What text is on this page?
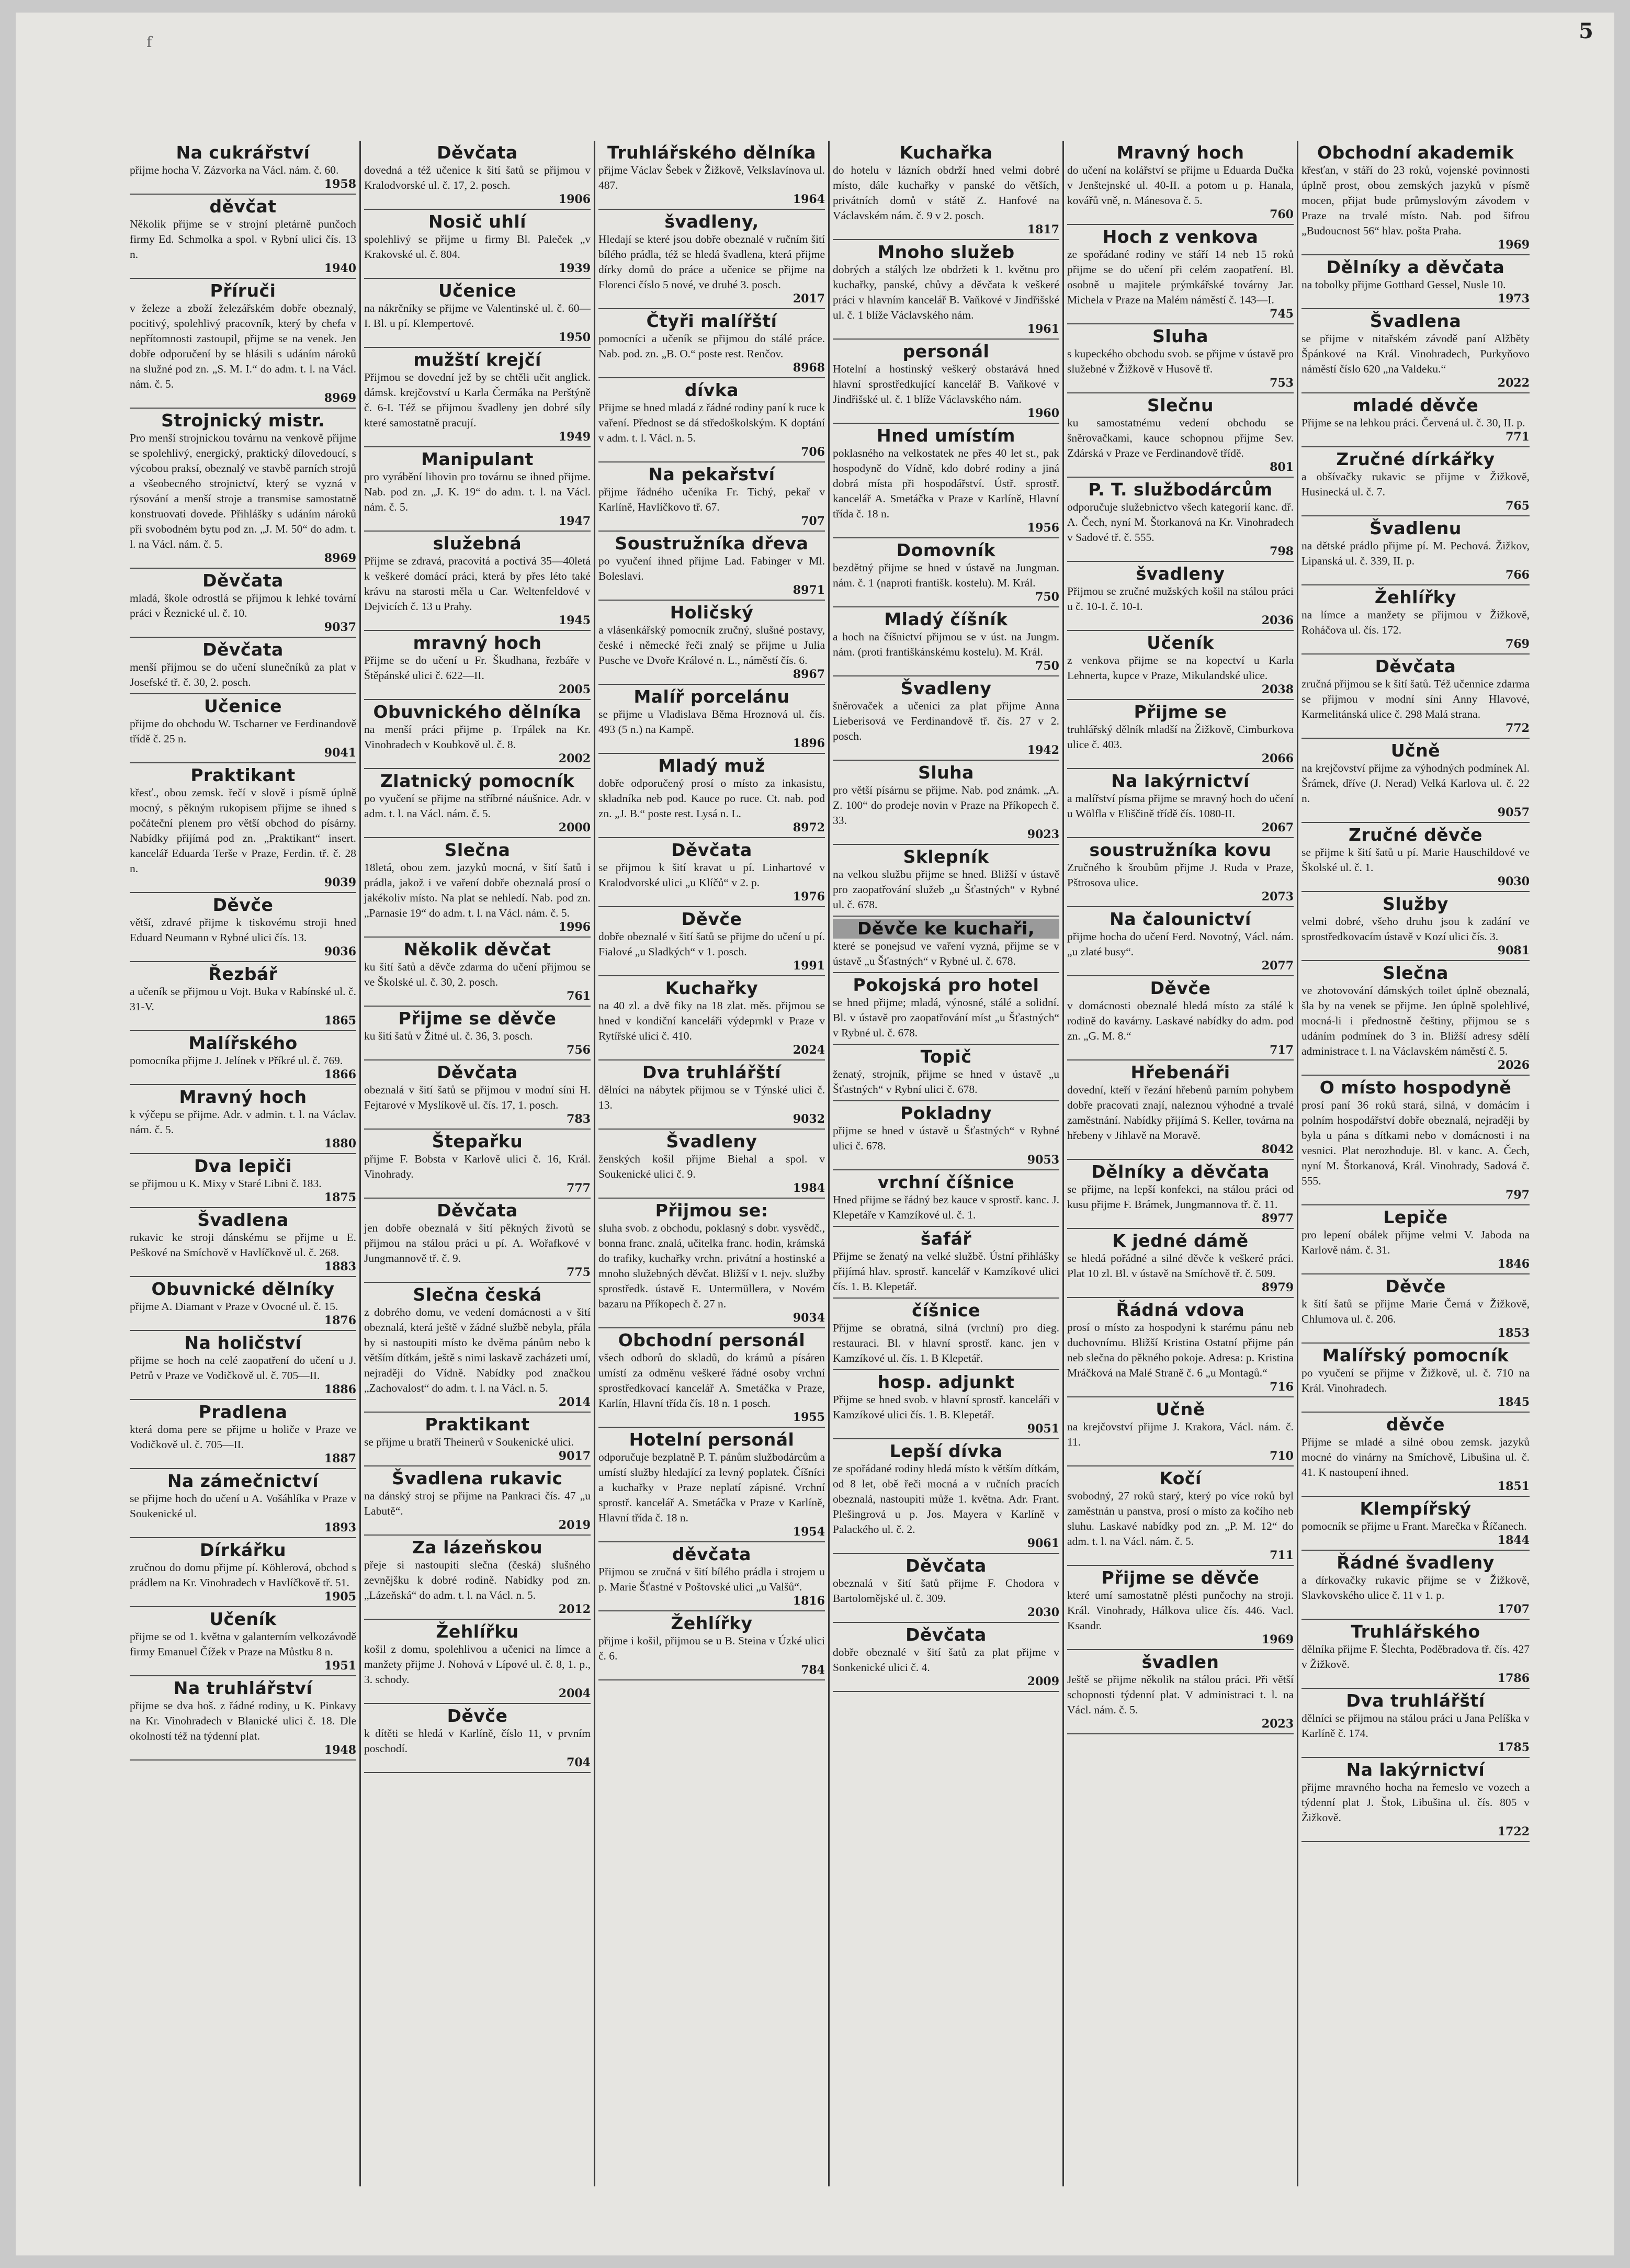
f	5
Na cukrářství

přijme hocha V. Zázvorka na Václ. nám. č. 60.

1958
děvčat

Několik přijme se v strojní pletárně punčoch firmy Ed. Schmolka a spol. v Rybní ulici čís. 13 n.

1940
Příruči

v železe a zboží železářském dobře obeznalý, pocitivý, spolehlivý pracovník, který by chefa v nepřítomnosti zastoupil, přijme se na venek. Jen dobře odporučení by se hlásili s udáním nároků na služné pod zn. „S. M. I.“ do adm. t. l. na Václ. nám. č. 5.

8969
Strojnický mistr.

Pro menší strojnickou továrnu na venkově přijme se spolehlivý, energický, praktický dílovedoucí, s výcobou praksí, obeznalý ve stavbě parních strojů a všeobecného strojnictví, který se vyzná v rýsování a menší stroje a transmise samostatně konstruovati dovede. Přihlášky s udáním nároků při svobodném bytu pod zn. „J. M. 50“ do adm. t. l. na Václ. nám. č. 5.

8969
Děvčata

mladá, škole odrostlá se přijmou k lehké tovární práci v Řeznické ul. č. 10.

9037
Děvčata

menší přijmou se do učení slunečníků za plat v Josefské tř. č. 30, 2. posch.

Učenice

přijme do obchodu W. Tscharner ve Ferdinandově třídě č. 25 n.

9041
Praktikant

křesť., obou zemsk. řečí v slově i písmě úplně mocný, s pěkným rukopisem přijme se ihned s počáteční plenem pro větší obchod do písárny. Nabídky přijímá pod zn. „Praktikant“ insert. kancelář Eduarda Terše v Praze, Ferdin. tř. č. 28 n.

9039
Děvče

větší, zdravé přijme k tiskovému stroji hned Eduard Neumann v Rybné ulici čís. 13.

9036
Řezbář

a učeník se přijmou u Vojt. Buka v Rabínské ul. č. 31-V.

1865
Malířského

pomocníka přijme J. Jelínek v Příkré ul. č. 769.

1866
Mravný hoch

k výčepu se přijme. Adr. v admin. t. l. na Václav. nám. č. 5.

1880
Dva lepiči

se přijmou u K. Mixy v Staré Libni č. 183.

1875
Švadlena

rukavic ke stroji dánskému se přijme u E. Peškové na Smíchově v Havlíčkově ul. č. 268.

1883
Obuvnické dělníky

přijme A. Diamant v Praze v Ovocné ul. č. 15.

1876
Na holičství

přijme se hoch na celé zaopatření do učení u J. Petrů v Praze ve Vodičkově ul. č. 705—II.

1886
Pradlena

která doma pere se přijme u holiče v Praze ve Vodičkově ul. č. 705—II.

1887
Na zámečnictví

se přijme hoch do učení u A. Vošáhlíka v Praze v Soukenické ul.

1893
Dírkářku

zručnou do domu přijme pí. Köhlerová, obchod s prádlem na Kr. Vinohradech v Havlíčkově tř. 51.

1905
Učeník

přijme se od 1. května v galanterním velkozávodě firmy Emanuel Čížek v Praze na Můstku 8 n.

1951
Na truhlářství

přijme se dva hoš. z řádné rodiny, u K. Pinkavy na Kr. Vinohradech v Blanické ulici č. 18. Dle okolností též na týdenní plat.

1948
Děvčata

dovedná a též učenice k šití šatů se přijmou v Kralodvorské ul. č. 17, 2. posch.

1906
Nosič uhlí

spolehlivý se přijme u firmy Bl. Paleček „v Krakovské ul. č. 804.

1939
Učenice

na nákrčníky se přijme ve Valentinské ul. č. 60—I. Bl. u pí. Klempertové.

1950
mužští krejčí

Přijmou se dovední jež by se chtěli učit anglick. dámsk. krejčovství u Karla Čermáka na Perštýně č. 6-I. Též se přijmou švadleny jen dobré síly které samostatně pracují.

1949
Manipulant

pro vyrábění lihovin pro továrnu se ihned přijme. Nab. pod zn. „J. K. 19“ do adm. t. l. na Václ. nám. č. 5.

1947
služebná

Přijme se zdravá, pracovitá a poctivá 35—40letá k veškeré domácí práci, která by přes léto také krávu na starosti měla u Car. Weltenfeldové v Dejvicích č. 13 u Prahy.

1945
mravný hoch

Přijme se do učení u Fr. Škudhana, řezbáře v Štěpánské ulici č. 622—II.

2005
Obuvnického dělníka

na menší práci přijme p. Trpálek na Kr. Vinohradech v Koubkově ul. č. 8.

2002
Zlatnický pomocník

po vyučení se přijme na stříbrné náušnice. Adr. v adm. t. l. na Václ. nám. č. 5.

2000
Slečna

18letá, obou zem. jazyků mocná, v šití šatů i prádla, jakož i ve vaření dobře obeznalá prosí o jakékoliv místo. Na plat se nehledí. Nab. pod zn. „Parnasie 19“ do adm. t. l. na Václ. nám. č. 5.

1996
Několik děvčat

ku šití šatů a děvče zdarma do učení přijmou se ve Školské ul. č. 30, 2. posch.

761
Přijme se děvče

ku šití šatů v Žitné ul. č. 36, 3. posch.

756
Děvčata

obeznalá v šití šatů se přijmou v modní síni H. Fejtarové v Myslíkově ul. čís. 17, 1. posch.

783
Štepařku

přijme F. Bobsta v Karlově ulici č. 16, Král. Vinohrady.

777
Děvčata

jen dobře obeznalá v šití pěkných životů se přijmou na stálou práci u pí. A. Wořafkové v Jungmannově tř. č. 9.

775
Slečna česká

z dobrého domu, ve vedení domácnosti a v šití obeznalá, která ještě v žádné službě nebyla, přála by si nastoupiti místo ke dvěma pánům nebo k větším dítkám, ještě s nimi laskavě zacházeti umí, nejraději do Vídně. Nabídky pod značkou „Zachovalost“ do adm. t. l. na Václ. n. 5.

2014
Praktikant

se přijme u bratří Theinerů v Soukenické ulici.

9017
Švadlena rukavic

na dánský stroj se přijme na Pankraci čís. 47 „u Labutě“.

2019
Za lázeňskou

přeje si nastoupiti slečna (česká) slušného zevnějšku k dobré rodině. Nabídky pod zn. „Lázeňská“ do adm. t. l. na Václ. n. 5.

2012
Žehlířku

košil z domu, spolehlivou a učenici na límce a manžety přijme J. Nohová v Lípové ul. č. 8, 1. p., 3. schody.

2004
Děvče

k dítěti se hledá v Karlíně, číslo 11, v prvním poschodí.

704
Truhlářského dělníka

přijme Václav Šebek v Žižkově, Velkslavínova ul. 487.

1964
švadleny,

Hledají se které jsou dobře obeznalé v ručním šití bílého prádla, též se hledá švadlena, která přijme dírky domů do práce a učenice se přijme na Florenci číslo 5 nové, ve druhé 3. posch.

2017
Čtyři malířští

pomocníci a učeník se přijmou do stálé práce. Nab. pod. zn. „B. O.“ poste rest. Renčov.

8968
dívka

Přijme se hned mladá z řádné rodiny paní k ruce k vaření. Přednost se dá středoškolským. K doptání v adm. t. l. Václ. n. 5.

706
Na pekařství

přijme řádného učeníka Fr. Tichý, pekař v Karlíně, Havlíčkovo tř. 67.

707
Soustružníka dřeva

po vyučení ihned přijme Lad. Fabinger v Ml. Boleslavi.

8971
Holičský

a vlásenkářský pomocník zručný, slušné postavy, české i německé řeči znalý se přijme u Julia Pusche ve Dvoře Králové n. L., náměstí čís. 6.

8967
Malíř porcelánu

se přijme u Vladislava Běma Hroznová ul. čís. 493 (5 n.) na Kampě.

1896
Mladý muž

dobře odporučený prosí o místo za inkasistu, skladníka neb pod. Kauce po ruce. Ct. nab. pod zn. „J. B.“ poste rest. Lysá n. L.

8972
Děvčata

se přijmou k šití kravat u pí. Linhartové v Kralodvorské ulici „u Klíčů“ v 2. p.

1976
Děvče

dobře obeznalé v šití šatů se přijme do učení u pí. Fialové „u Sladkých“ v 1. posch.

1991
Kuchařky

na 40 zl. a dvě fiky na 18 zlat. měs. přijmou se hned v kondiční kanceláři výdeprnkl v Praze v Rytířské ulici č. 410.

2024
Dva truhlářští

dělníci na nábytek přijmou se v Týnské ulici č. 13.

9032
Švadleny

ženských košil přijme Biehal a spol. v Soukenické ulici č. 9.

1984
Přijmou se:

sluha svob. z obchodu, poklasný s dobr. vysvědč., bonna franc. znalá, učitelka franc. hodin, krámská do trafiky, kuchařky vrchn. privátní a hostinské a mnoho služebných děvčat. Bližší v I. nejv. služby sprostředk. ústavě E. Untermüllera, v Novém bazaru na Příkopech č. 27 n.

9034
Obchodní personál

všech odborů do skladů, do krámů a písáren umístí za odměnu veškeré řádné osoby vrchní sprostředkovací kancelář A. Smetáčka v Praze, Karlín, Hlavní třída čís. 18 n. 1 posch.

1955
Hotelní personál

odporučuje bezplatně P. T. pánům službodárcům a umístí služby hledající za levný poplatek. Číšníci a kuchařky v Praze neplatí zápisné. Vrchní sprostř. kancelář A. Smetáčka v Praze v Karlíně, Hlavní třída č. 18 n.

1954
děvčata

Přijmou se zručná v šití bílého prádla i strojem u p. Marie Šťastné v Poštovské ulici „u Valšů“.

1816
Žehlířky

přijme i košil, přijmou se u B. Steina v Úzké ulici č. 6.

784
Kuchařka

do hotelu v lázních obdrží hned velmi dobré místo, dále kuchařky v panské do větších, privátních domů v státě Z. Hanfové na Václavském nám. č. 9 v 2. posch.

1817
Mnoho služeb

dobrých a stálých lze obdržeti k 1. květnu pro kuchařky, panské, chůvy a děvčata k veškeré práci v hlavním kancelář B. Vaňkové v Jindřišské ul. č. 1 blíže Václavského nám.

1961
personál

Hotelní a hostinský veškerý obstarává hned hlavní sprostředkující kancelář B. Vaňkové v Jindřišské ul. č. 1 blíže Václavského nám.

1960
Hned umístím

poklasného na velkostatek ne přes 40 let st., pak hospodyně do Vídně, kdo dobré rodiny a jiná dobrá místa při hospodářství. Ústř. sprostř. kancelář A. Smetáčka v Praze v Karlíně, Hlavní třída č. 18 n.

1956
Domovník

bezdětný přijme se hned v ústavě na Jungman. nám. č. 1 (naproti františk. kostelu). M. Král.

750
Mladý číšník

a hoch na číšnictví přijmou se v úst. na Jungm. nám. (proti františkánskému kostelu). M. Král.

750
Švadleny

šněrovaček a učenici za plat přijme Anna Lieberisová ve Ferdinandově tř. čís. 27 v 2. posch.

1942
Sluha

pro větší písárnu se přijme. Nab. pod známk. „A. Z. 100“ do prodeje novin v Praze na Příkopech č. 33.

9023
Sklepník

na velkou službu přijme se hned. Bližší v ústavě pro zaopatřování služeb „u Šťastných“ v Rybné ul. č. 678.

Děvče ke kuchaři,

které se ponejsud ve vaření vyzná, přijme se v ústavě „u Šťastných“ v Rybné ul. č. 678.

Pokojská pro hotel

se hned přijme; mladá, výnosné, stálé a solidní. Bl. v ústavě pro zaopatřování míst „u Šťastných“ v Rybné ul. č. 678.

Topič

ženatý, strojník, přijme se hned v ústavě „u Šťastných“ v Rybní ulici č. 678.

Pokladny

přijme se hned v ústavě u Šťastných“ v Rybné ulici č. 678.

9053
vrchní číšnice

Hned přijme se řádný bez kauce v sprostř. kanc. J. Klepetáře v Kamzíkové ul. č. 1.

šafář

Přijme se ženatý na velké službě. Ústní přihlášky přijímá hlav. sprostř. kancelář v Kamzíkové ulici čís. 1. B. Klepetář.

číšnice

Přijme se obratná, silná (vrchní) pro dieg. restauraci. Bl. v hlavní sprostř. kanc. jen v Kamzíkové ul. čís. 1. B Klepetář.

hosp. adjunkt

Přijme se hned svob. v hlavní sprostř. kanceláři v Kamzíkové ulici čís. 1. B. Klepetář.

9051
Lepší dívka

ze spořádané rodiny hledá místo k větším dítkám, od 8 let, obě řeči mocná a v ručních pracích obeznalá, nastoupiti může 1. května. Adr. Frant. Plešingrová u p. Jos. Mayera v Karlíně v Palackého ul. č. 2.

9061
Děvčata

obeznalá v šití šatů přijme F. Chodora v Bartolomějské ul. č. 309.

2030
Děvčata

dobře obeznalé v šití šatů za plat přijme v Sonkenické ulici č. 4.

2009
Mravný hoch

do učení na kolářství se přijme u Eduarda Dučka v Jenštejnské ul. 40-II. a potom u p. Hanala, kovářů vně, n. Mánesova č. 5.

760
Hoch z venkova

ze spořádané rodiny ve stáří 14 neb 15 roků přijme se do učení při celém zaopatření. Bl. osobně u majitele prýmkářské továrny Jar. Michela v Praze na Malém náměstí č. 143—I.

745
Sluha

s kupeckého obchodu svob. se přijme v ústavě pro služebné v Žižkově v Husově tř.

753
Slečnu

ku samostatnému vedení obchodu se šněrovačkami, kauce schopnou přijme Sev. Zdárská v Praze ve Ferdinandově třídě.

801
P. T. službodárcům

odporučuje služebnictvo všech kategorií kanc. dř. A. Čech, nyní M. Štorkanová na Kr. Vinohradech v Sadové tř. č. 555.

798
švadleny

Přijmou se zručné mužských košil na stálou práci u č. 10-I. č. 10-I.

2036
Učeník

z venkova přijme se na kopectví u Karla Lehnerta, kupce v Praze, Mikulandské ulice.

2038
Přijme se

truhlářský dělník mladší na Žižkově, Cimburkova ulice č. 403.

2066
Na lakýrnictví

a malířství písma přijme se mravný hoch do učení u Wölfla v Eliščině třídě čís. 1080-II.

2067
soustružníka kovu

Zručného k šroubům přijme J. Ruda v Praze, Pštrosova ulice.

2073
Na čalounictví

přijme hocha do učení Ferd. Novotný, Václ. nám. „u zlaté busy“.

2077
Děvče

v domácnosti obeznalé hledá místo za stálé k rodině do kavárny. Laskavé nabídky do adm. pod zn. „G. M. 8.“

717
Hřebenáři

dovední, kteří v řezání hřebenů parním pohybem dobře pracovati znají, naleznou výhodné a trvalé zaměstnání. Nabídky přijímá S. Keller, továrna na hřebeny v Jihlavě na Moravě.

8042
Dělníky a děvčata

se přijme, na lepší konfekci, na stálou práci od kusu přijme F. Brámek, Jungmannova tř. č. 11.

8977
K jedné dámě

se hledá pořádné a silné děvče k veškeré práci. Plat 10 zl. Bl. v ústavě na Smíchově tř. č. 509.

8979
Řádná vdova

prosí o místo za hospodyni k starému pánu neb duchovnímu. Bližší Kristina Ostatní přijme pán neb slečna do pěkného pokoje. Adresa: p. Kristina Mráčková na Malé Straně č. 6 „u Montagů.“

716
Učně

na krejčovství přijme J. Krakora, Václ. nám. č. 11.

710
Kočí

svobodný, 27 roků starý, který po více roků byl zaměstnán u panstva, prosí o místo za kočího neb sluhu. Laskavé nabídky pod zn. „P. M. 12“ do adm. t. l. na Václ. nám. č. 5.

711
Přijme se děvče

které umí samostatně plésti punčochy na stroji. Král. Vinohrady, Hálkova ulice čís. 446. Vacl. Ksandr.

1969
švadlen

Ještě se přijme několik na stálou práci. Při větší schopnosti týdenní plat. V administraci t. l. na Václ. nám. č. 5.

2023
Obchodní akademik

křesťan, v stáří do 23 roků, vojenské povinnosti úplně prost, obou zemských jazyků v písmě mocen, přijat bude průmyslovým závodem v Praze na trvalé místo. Nab. pod šifrou „Budoucnost 56“ hlav. pošta Praha.

1969
Dělníky a děvčata

na tobolky přijme Gotthard Gessel, Nusle 10.

1973
Švadlena

se přijme v nitařském závodě paní Alžběty Špánkové na Král. Vinohradech, Purkyňovo náměstí číslo 620 „na Valdeku.“

2022
mladé děvče

Přijme se na lehkou práci. Červená ul. č. 30, II. p.

771
Zručné dírkářky

a obšívačky rukavic se přijme v Žižkově, Husinecká ul. č. 7.

765
Švadlenu

na dětské prádlo přijme pí. M. Pechová. Žižkov, Lipanská ul. č. 339, II. p.

766
Žehlířky

na límce a manžety se přijmou v Žižkově, Roháčova ul. čís. 172.

769
Děvčata

zručná přijmou se k šití šatů. Též učennice zdarma se přijmou v modní síni Anny Hlavové, Karmelitánská ulice č. 298 Malá strana.

772
Učně

na krejčovství přijme za výhodných podmínek Al. Šrámek, dříve (J. Nerad) Velká Karlova ul. č. 22 n.

9057
Zručné děvče

se přijme k šití šatů u pí. Marie Hauschildové ve Školské ul. č. 1.

9030
Služby

velmi dobré, všeho druhu jsou k zadání ve sprostředkovacím ústavě v Kozí ulici čís. 3.

9081
Slečna

ve zhotovování dámských toilet úplně obeznalá, šla by na venek se přijme. Jen úplně spolehlivé, mocná-li i přednostně češtiny, přijmou se s udáním podmínek do 3 in. Bližší adresy sdělí administrace t. l. na Václavském náměstí č. 5.

2026
O místo hospodyně

prosí paní 36 roků stará, silná, v domácím i polním hospodářství dobře obeznalá, nejraději by byla u pána s dítkami nebo v domácnosti i na vesnici. Plat nerozhoduje. Bl. v kanc. A. Čech, nyní M. Štorkanová, Král. Vinohrady, Sadová č. 555.

797
Lepiče

pro lepení obálek přijme velmi V. Jaboda na Karlově nám. č. 31.

1846
Děvče

k šití šatů se přijme Marie Černá v Žižkově, Chlumova ul. č. 206.

1853
Malířský pomocník

po vyučení se přijme v Žižkově, ul. č. 710 na Král. Vinohradech.

1845
děvče

Přijme se mladé a silné obou zemsk. jazyků mocné do vinárny na Smíchově, Libušina ul. č. 41. K nastoupení ihned.

1851
Klempířský

pomocník se přijme u Frant. Marečka v Říčanech.

1844
Řádné švadleny

a dírkovačky rukavic přijme se v Žižkově, Slavkovského ulice č. 11 v 1. p.

1707
Truhlářského

dělníka přijme F. Šlechta, Poděbradova tř. čís. 427 v Žižkově.

1786
Dva truhlářští

dělníci se přijmou na stálou práci u Jana Pelíška v Karlíně č. 174.

1785
Na lakýrnictví

přijme mravného hocha na řemeslo ve vozech a týdenní plat J. Štok, Libušina ul. čís. 805 v Žižkově.

1722
